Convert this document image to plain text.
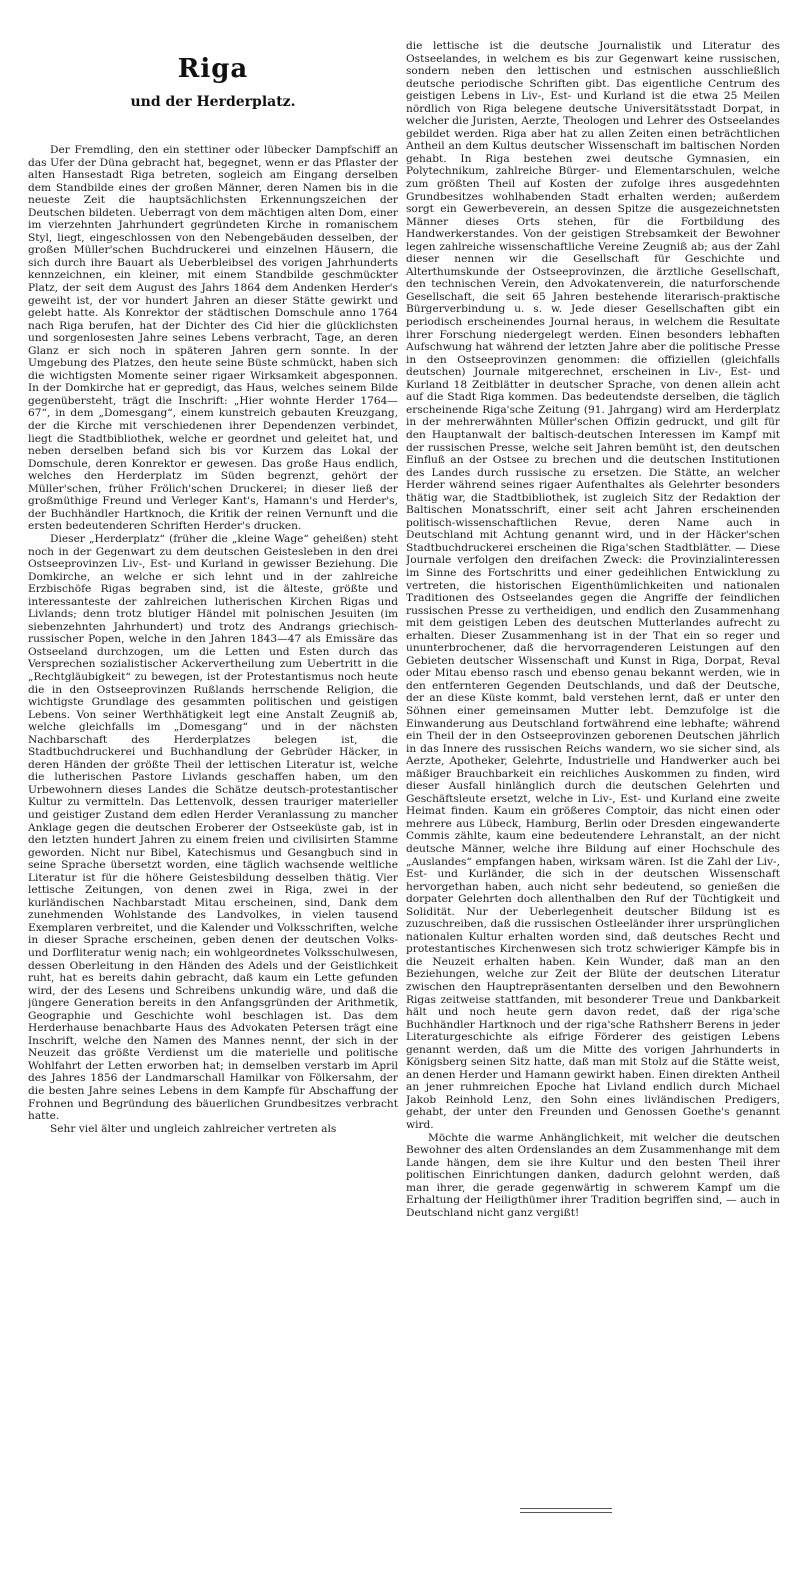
Riga
und der Herderplatz.

Der Fremdling, den ein stettiner oder lübecker Dampfschiff an das Ufer der Düna gebracht hat, begegnet, wenn er das Pflaster der alten Hansestadt Riga betreten, sogleich am Eingang derselben dem Standbilde eines der großen Männer, deren Namen bis in die neueste Zeit die hauptsächlichsten Erkennungszeichen der Deutschen bildeten. Ueberragt von dem mächtigen alten Dom, einer im vierzehnten Jahrhundert gegründeten Kirche in romanischem Styl, liegt, eingeschlossen von den Nebengebäuden desselben, der großen Müller'schen Buchdruckerei und einzelnen Häusern, die sich durch ihre Bauart als Ueberbleibsel des vorigen Jahrhunderts kennzeichnen, ein kleiner, mit einem Standbilde geschmückter Platz, der seit dem August des Jahrs 1864 dem Andenken Herder's geweiht ist, der vor hundert Jahren an dieser Stätte gewirkt und gelebt hatte. Als Konrektor der städtischen Domschule anno 1764 nach Riga berufen, hat der Dichter des Cid hier die glücklichsten und sorgenlosesten Jahre seines Lebens verbracht, Tage, an deren Glanz er sich noch in späteren Jahren gern sonnte. In der Umgebung des Platzes, den heute seine Büste schmückt, haben sich die wichtigsten Momente seiner rigaer Wirksamkeit abgesponnen. In der Domkirche hat er gepredigt, das Haus, welches seinem Bilde gegenübersteht, trägt die Inschrift: „Hier wohnte Herder 1764—67“, in dem „Domesgang“, einem kunstreich gebauten Kreuzgang, der die Kirche mit verschiedenen ihrer Dependenzen verbindet, liegt die Stadtbibliothek, welche er geordnet und geleitet hat, und neben derselben befand sich bis vor Kurzem das Lokal der Domschule, deren Konrektor er gewesen. Das große Haus endlich, welches den Herderplatz im Süden begrenzt, gehört der Müller'schen, früher Frölich'schen Druckerei; in dieser ließ der großmüthige Freund und Verleger Kant's, Hamann's und Herder's, der Buchhändler Hartknoch, die Kritik der reinen Vernunft und die ersten bedeutenderen Schriften Herder's drucken.

Dieser „Herderplatz“ (früher die „kleine Wage“ geheißen) steht noch in der Gegenwart zu dem deutschen Geistesleben in den drei Ostseeprovinzen Liv-, Est- und Kurland in gewisser Beziehung. Die Domkirche, an welche er sich lehnt und in der zahlreiche Erzbischöfe Rigas begraben sind, ist die älteste, größte und interessanteste der zahlreichen lutherischen Kirchen Rigas und Livlands; denn trotz blutiger Händel mit polnischen Jesuiten (im siebenzehnten Jahrhundert) und trotz des Andrangs griechisch-russischer Popen, welche in den Jahren 1843—47 als Emissäre das Ostseeland durchzogen, um die Letten und Esten durch das Versprechen sozialistischer Ackervertheilung zum Uebertritt in die „Rechtgläubigkeit“ zu bewegen, ist der Protestantismus noch heute die in den Ostseeprovinzen Rußlands herrschende Religion, die wichtigste Grundlage des gesammten politischen und geistigen Lebens. Von seiner Werthhätigkeit legt eine Anstalt Zeugniß ab, welche gleichfalls im „Domesgang“ und in der nächsten Nachbarschaft des Herderplatzes belegen ist, die Stadtbuchdruckerei und Buchhandlung der Gebrüder Häcker, in deren Händen der größte Theil der lettischen Literatur ist, welche die lutherischen Pastore Livlands geschaffen haben, um den Urbewohnern dieses Landes die Schätze deutsch-protestantischer Kultur zu vermitteln. Das Lettenvolk, dessen trauriger materieller und geistiger Zustand dem edlen Herder Veranlassung zu mancher Anklage gegen die deutschen Eroberer der Ostseeküste gab, ist in den letzten hundert Jahren zu einem freien und civilisirten Stamme geworden. Nicht nur Bibel, Katechismus und Gesangbuch sind in seine Sprache übersetzt worden, eine täglich wachsende weltliche Literatur ist für die höhere Geistesbildung desselben thätig. Vier lettische Zeitungen, von denen zwei in Riga, zwei in der kurländischen Nachbarstadt Mitau erscheinen, sind, Dank dem zunehmenden Wohlstande des Landvolkes, in vielen tausend Exemplaren verbreitet, und die Kalender und Volksschriften, welche in dieser Sprache erscheinen, geben denen der deutschen Volks- und Dorfliteratur wenig nach; ein wohlgeordnetes Volksschulwesen, dessen Oberleitung in den Händen des Adels und der Geistlichkeit ruht, hat es bereits dahin gebracht, daß kaum ein Lette gefunden wird, der des Lesens und Schreibens unkundig wäre, und daß die jüngere Generation bereits in den Anfangsgründen der Arithmetik, Geographie und Geschichte wohl beschlagen ist. Das dem Herderhause benachbarte Haus des Advokaten Petersen trägt eine Inschrift, welche den Namen des Mannes nennt, der sich in der Neuzeit das größte Verdienst um die materielle und politische Wohlfahrt der Letten erworben hat; in demselben verstarb im April des Jahres 1856 der Landmarschall Hamilkar von Fölkersahm, der die besten Jahre seines Lebens in dem Kampfe für Abschaffung der Frohnen und Begründung des bäuerlichen Grundbesitzes verbracht hatte.

Sehr viel älter und ungleich zahlreicher vertreten als

die lettische ist die deutsche Journalistik und Literatur des Ostseelandes, in welchem es bis zur Gegenwart keine russischen, sondern neben den lettischen und estnischen ausschließlich deutsche periodische Schriften gibt. Das eigentliche Centrum des geistigen Lebens in Liv-, Est- und Kurland ist die etwa 25 Meilen nördlich von Riga belegene deutsche Universitätsstadt Dorpat, in welcher die Juristen, Aerzte, Theologen und Lehrer des Ostseelandes gebildet werden. Riga aber hat zu allen Zeiten einen beträchtlichen Antheil an dem Kultus deutscher Wissenschaft im baltischen Norden gehabt. In Riga bestehen zwei deutsche Gymnasien, ein Polytechnikum, zahlreiche Bürger- und Elementarschulen, welche zum größten Theil auf Kosten der zufolge ihres ausgedehnten Grundbesitzes wohlhabenden Stadt erhalten werden; außerdem sorgt ein Gewerbeverein, an dessen Spitze die ausgezeichnetsten Männer dieses Orts stehen, für die Fortbildung des Handwerkerstandes. Von der geistigen Strebsamkeit der Bewohner legen zahlreiche wissenschaftliche Vereine Zeugniß ab; aus der Zahl dieser nennen wir die Gesellschaft für Geschichte und Alterthumskunde der Ostseeprovinzen, die ärztliche Gesellschaft, den technischen Verein, den Advokatenverein, die naturforschende Gesellschaft, die seit 65 Jahren bestehende literarisch-praktische Bürgerverbindung u. s. w. Jede dieser Gesellschaften gibt ein periodisch erscheinendes Journal heraus, in welchem die Resultate ihrer Forschung niedergelegt werden. Einen besonders lebhaften Aufschwung hat während der letzten Jahre aber die politische Presse in den Ostseeprovinzen genommen: die offiziellen (gleichfalls deutschen) Journale mitgerechnet, erscheinen in Liv-, Est- und Kurland 18 Zeitblätter in deutscher Sprache, von denen allein acht auf die Stadt Riga kommen. Das bedeutendste derselben, die täglich erscheinende Riga'sche Zeitung (91. Jahrgang) wird am Herderplatz in der mehrerwähnten Müller'schen Offizin gedruckt, und gilt für den Hauptanwalt der baltisch-deutschen Interessen im Kampf mit der russischen Presse, welche seit Jahren bemüht ist, den deutschen Einfluß an der Ostsee zu brechen und die deutschen Institutionen des Landes durch russische zu ersetzen. Die Stätte, an welcher Herder während seines rigaer Aufenthaltes als Gelehrter besonders thätig war, die Stadtbibliothek, ist zugleich Sitz der Redaktion der Baltischen Monatsschrift, einer seit acht Jahren erscheinenden politisch-wissenschaftlichen Revue, deren Name auch in Deutschland mit Achtung genannt wird, und in der Häcker'schen Stadtbuchdruckerei erscheinen die Riga'schen Stadtblätter. — Diese Journale verfolgen den dreifachen Zweck: die Provinzialinteressen im Sinne des Fortschritts und einer gedeihlichen Entwicklung zu vertreten, die historischen Eigenthümlichkeiten und nationalen Traditionen des Ostseelandes gegen die Angriffe der feindlichen russischen Presse zu vertheidigen, und endlich den Zusammenhang mit dem geistigen Leben des deutschen Mutterlandes aufrecht zu erhalten. Dieser Zusammenhang ist in der That ein so reger und ununterbrochener, daß die hervorragenderen Leistungen auf den Gebieten deutscher Wissenschaft und Kunst in Riga, Dorpat, Reval oder Mitau ebenso rasch und ebenso genau bekannt werden, wie in den entfernteren Gegenden Deutschlands, und daß der Deutsche, der an diese Küste kommt, bald verstehen lernt, daß er unter den Söhnen einer gemeinsamen Mutter lebt. Demzufolge ist die Einwanderung aus Deutschland fortwährend eine lebhafte; während ein Theil der in den Ostseeprovinzen geborenen Deutschen jährlich in das Innere des russischen Reichs wandern, wo sie sicher sind, als Aerzte, Apotheker, Gelehrte, Industrielle und Handwerker auch bei mäßiger Brauchbarkeit ein reichliches Auskommen zu finden, wird dieser Ausfall hinlänglich durch die deutschen Gelehrten und Geschäftsleute ersetzt, welche in Liv-, Est- und Kurland eine zweite Heimat finden. Kaum ein größeres Comptoir, das nicht einen oder mehrere aus Lübeck, Hamburg, Berlin oder Dresden eingewanderte Commis zählte, kaum eine bedeutendere Lehranstalt, an der nicht deutsche Männer, welche ihre Bildung auf einer Hochschule des „Auslandes“ empfangen haben, wirksam wären. Ist die Zahl der Liv-, Est- und Kurländer, die sich in der deutschen Wissenschaft hervorgethan haben, auch nicht sehr bedeutend, so genießen die dorpater Gelehrten doch allenthalben den Ruf der Tüchtigkeit und Solidität. Nur der Ueberlegenheit deutscher Bildung ist es zuzuschreiben, daß die russischen Ostleeländer ihrer ursprünglichen nationalen Kultur erhalten worden sind, daß deutsches Recht und protestantisches Kirchenwesen sich trotz schwieriger Kämpfe bis in die Neuzeit erhalten haben. Kein Wunder, daß man an den Beziehungen, welche zur Zeit der Blüte der deutschen Literatur zwischen den Hauptrepräsentanten derselben und den Bewohnern Rigas zeitweise stattfanden, mit besonderer Treue und Dankbarkeit hält und noch heute gern davon redet, daß der riga'sche Buchhändler Hartknoch und der riga'sche Rathsherr Berens in jeder Literaturgeschichte als eifrige Förderer des geistigen Lebens genannt werden, daß um die Mitte des vorigen Jahrhunderts in Königsberg seinen Sitz hatte, daß man mit Stolz auf die Stätte weist, an denen Herder und Hamann gewirkt haben. Einen direkten Antheil an jener ruhmreichen Epoche hat Livland endlich durch Michael Jakob Reinhold Lenz, den Sohn eines livländischen Predigers, gehabt, der unter den Freunden und Genossen Goethe's genannt wird.

Möchte die warme Anhänglichkeit, mit welcher die deutschen Bewohner des alten Ordenslandes an dem Zusammenhange mit dem Lande hängen, dem sie ihre Kultur und den besten Theil ihrer politischen Einrichtungen danken, dadurch gelohnt werden, daß man ihrer, die gerade gegenwärtig in schwerem Kampf um die Erhaltung der Heiligthümer ihrer Tradition begriffen sind, — auch in Deutschland nicht ganz vergißt!
